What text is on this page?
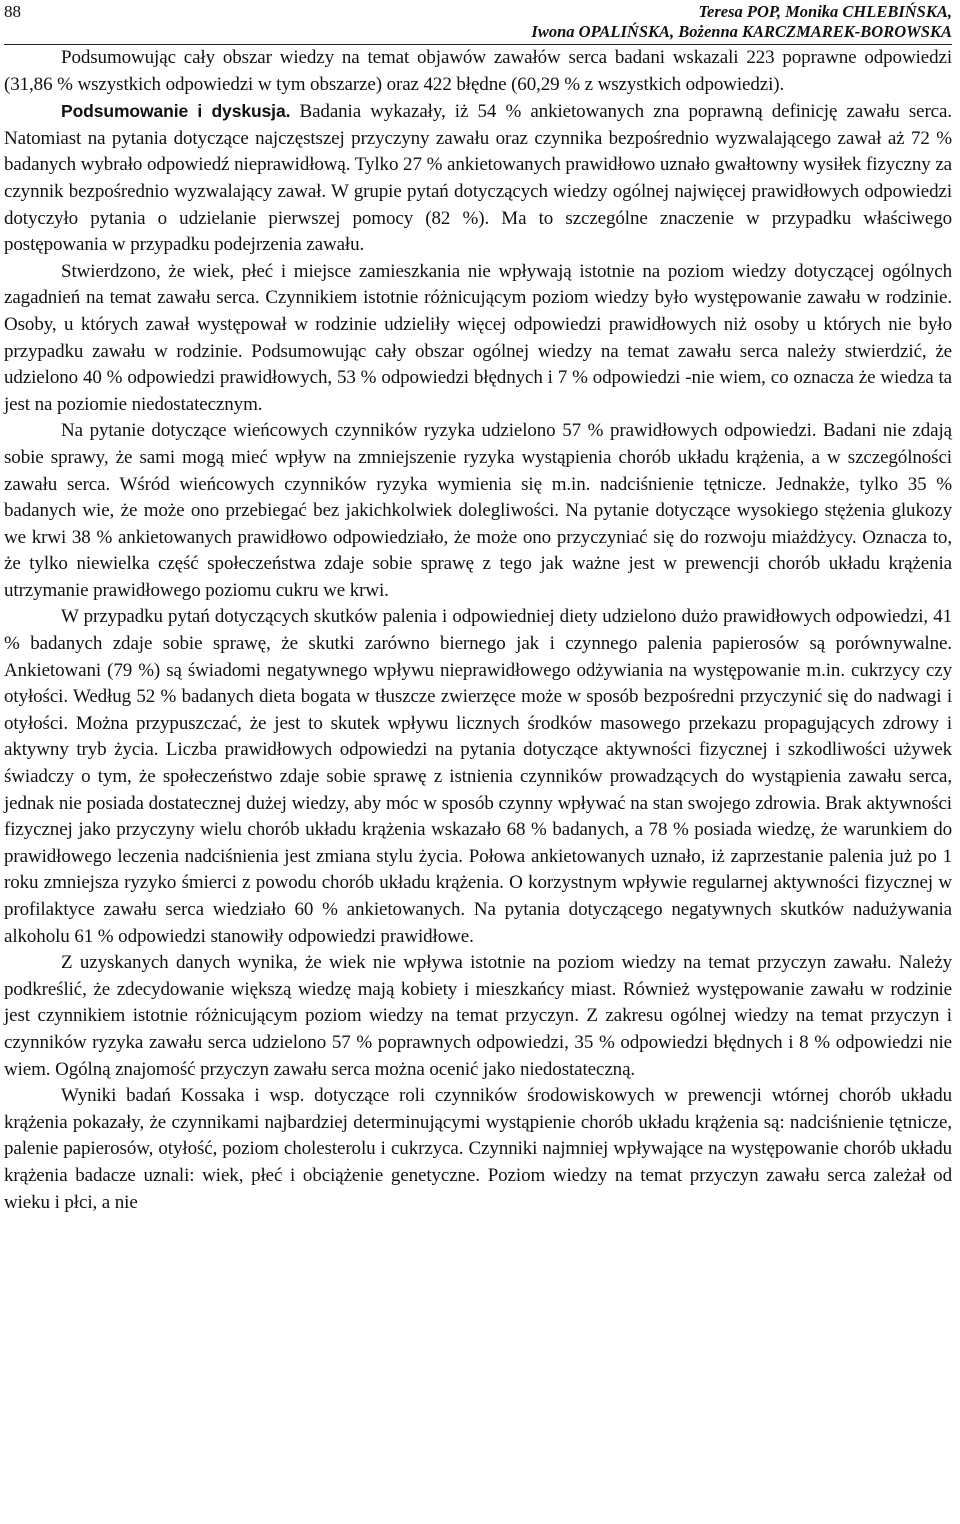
88	Teresa POP, Monika CHLEBIŃSKA,
Iwona OPALIŃSKA, Bożenna KARCZMAREK-BOROWSKA

Podsumowując cały obszar wiedzy na temat objawów zawałów serca badani wskazali 223 poprawne odpowiedzi (31,86 % wszystkich odpowiedzi w tym obszarze) oraz 422 błędne (60,29 % z wszystkich odpowiedzi).

Podsumowanie i dyskusja. Badania wykazały, iż 54 % ankietowanych zna poprawną definicję zawału serca. Natomiast na pytania dotyczące najczęstszej przyczyny zawału oraz czynnika bezpośrednio wyzwalającego zawał aż 72 % badanych wybrało odpowiedź nieprawidłową. Tylko 27 % ankietowanych prawidłowo uznało gwałtowny wysiłek fizyczny za czynnik bezpośrednio wyzwalający zawał. W grupie pytań dotyczących wiedzy ogólnej najwięcej prawidłowych odpowiedzi dotyczyło pytania o udzielanie pierwszej pomocy (82 %). Ma to szczególne znaczenie w przypadku właściwego postępowania w przypadku podejrzenia zawału.

Stwierdzono, że wiek, płeć i miejsce zamieszkania nie wpływają istotnie na poziom wiedzy dotyczącej ogólnych zagadnień na temat zawału serca. Czynnikiem istotnie różnicującym poziom wiedzy było występowanie zawału w rodzinie. Osoby, u których zawał występował w rodzinie udzieliły więcej odpowiedzi prawidłowych niż osoby u których nie było przypadku zawału w rodzinie. Podsumowując cały obszar ogólnej wiedzy na temat zawału serca należy stwierdzić, że udzielono 40 % odpowiedzi prawidłowych, 53 % odpowiedzi błędnych i 7 % odpowiedzi -nie wiem, co oznacza że wiedza ta jest na poziomie niedostatecznym.

Na pytanie dotyczące wieńcowych czynników ryzyka udzielono 57 % prawidłowych odpowiedzi. Badani nie zdają sobie sprawy, że sami mogą mieć wpływ na zmniejszenie ryzyka wystąpienia chorób układu krążenia, a w szczególności zawału serca. Wśród wieńcowych czynników ryzyka wymienia się m.in. nadciśnienie tętnicze. Jednakże, tylko 35 % badanych wie, że może ono przebiegać bez jakichkolwiek dolegliwości. Na pytanie dotyczące wysokiego stężenia glukozy we krwi 38 % ankietowanych prawidłowo odpowiedziało, że może ono przyczyniać się do rozwoju miażdżycy. Oznacza to, że tylko niewielka część społeczeństwa zdaje sobie sprawę z tego jak ważne jest w prewencji chorób układu krążenia utrzymanie prawidłowego poziomu cukru we krwi.

W przypadku pytań dotyczących skutków palenia i odpowiedniej diety udzielono dużo prawidłowych odpowiedzi, 41 % badanych zdaje sobie sprawę, że skutki zarówno biernego jak i czynnego palenia papierosów są porównywalne. Ankietowani (79 %) są świadomi negatywnego wpływu nieprawidłowego odżywiania na występowanie m.in. cukrzycy czy otyłości. Według 52 % badanych dieta bogata w tłuszcze zwierzęce może w sposób bezpośredni przyczynić się do nadwagi i otyłości. Można przypuszczać, że jest to skutek wpływu licznych środków masowego przekazu propagujących zdrowy i aktywny tryb życia. Liczba prawidłowych odpowiedzi na pytania dotyczące aktywności fizycznej i szkodliwości używek świadczy o tym, że społeczeństwo zdaje sobie sprawę z istnienia czynników prowadzących do wystąpienia zawału serca, jednak nie posiada dostatecznej dużej wiedzy, aby móc w sposób czynny wpływać na stan swojego zdrowia. Brak aktywności fizycznej jako przyczyny wielu chorób układu krążenia wskazało 68 % badanych, a 78 % posiada wiedzę, że warunkiem do prawidłowego leczenia nadciśnienia jest zmiana stylu życia. Połowa ankietowanych uznało, iż zaprzestanie palenia już po 1 roku zmniejsza ryzyko śmierci z powodu chorób układu krążenia. O korzystnym wpływie regularnej aktywności fizycznej w profilaktyce zawału serca wiedziało 60 % ankietowanych. Na pytania dotyczącego negatywnych skutków nadużywania alkoholu 61 % odpowiedzi stanowiły odpowiedzi prawidłowe.

Z uzyskanych danych wynika, że wiek nie wpływa istotnie na poziom wiedzy na temat przyczyn zawału. Należy podkreślić, że zdecydowanie większą wiedzę mają kobiety i mieszkańcy miast. Również występowanie zawału w rodzinie jest czynnikiem istotnie różnicującym poziom wiedzy na temat przyczyn. Z zakresu ogólnej wiedzy na temat przyczyn i czynników ryzyka zawału serca udzielono 57 % poprawnych odpowiedzi, 35 % odpowiedzi błędnych i 8 % odpowiedzi nie wiem. Ogólną znajomość przyczyn zawału serca można ocenić jako niedostateczną.

Wyniki badań Kossaka i wsp. dotyczące roli czynników środowiskowych w prewencji wtórnej chorób układu krążenia pokazały, że czynnikami najbardziej determinującymi wystąpienie chorób układu krążenia są: nadciśnienie tętnicze, palenie papierosów, otyłość, poziom cholesterolu i cukrzyca. Czynniki najmniej wpływające na występowanie chorób układu krążenia badacze uznali: wiek, płeć i obciążenie genetyczne. Poziom wiedzy na temat przyczyn zawału serca zależał od wieku i płci, a nie
